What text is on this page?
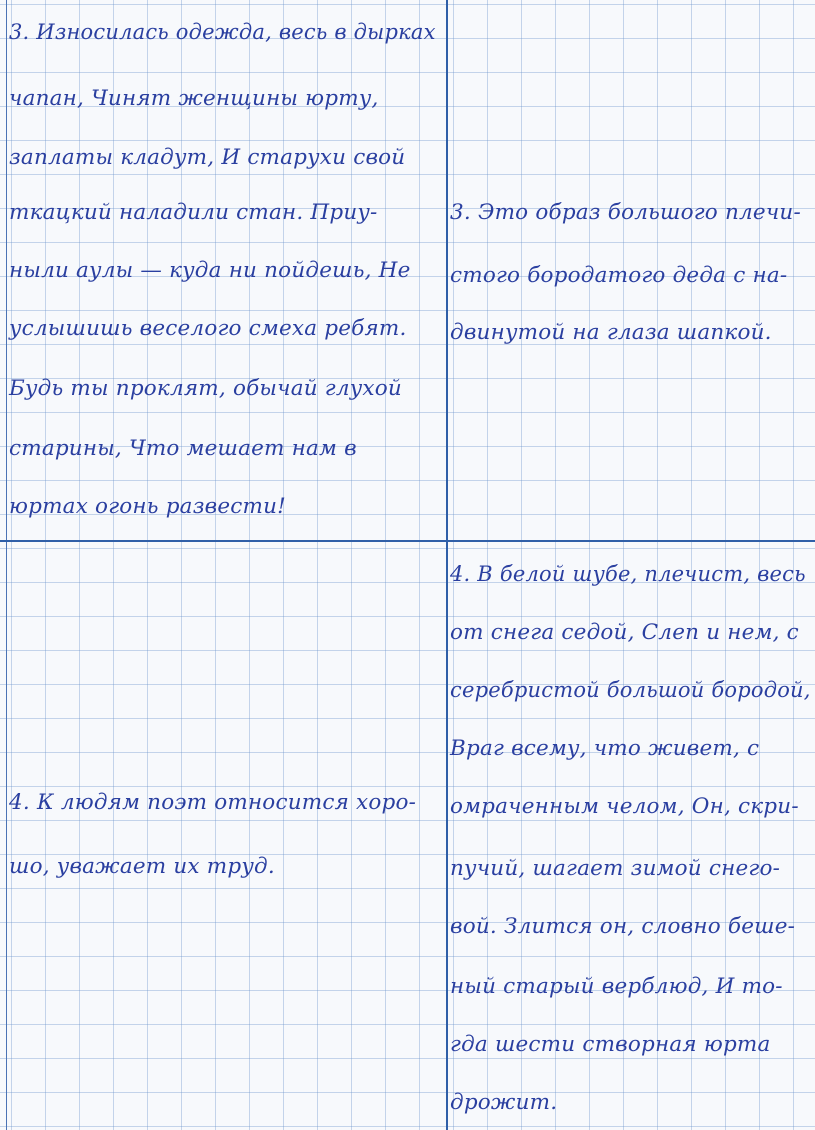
3. Износилась одежда, весь в дырках
чапан, Чинят женщины юрту,
заплаты кладут, И старухи свой
ткацкий наладили стан. Приу-
ныли аулы — куда ни пойдешь, Не
услышишь веселого смеха ребят.
Будь ты проклят, обычай глухой
старины, Что мешает нам в
юртах огонь развести!
3. Это образ большого плечи-
стого бородатого деда с на-
двинутой на глаза шапкой.
4. К людям поэт относится хоро-
шо, уважает их труд.
4. В белой шубе, плечист, весь
от снега седой, Слеп и нем, с
серебристой большой бородой,
Враг всему, что живет, с
омраченным челом, Он, скри-
пучий, шагает зимой снего-
вой. Злится он, словно беше-
ный старый верблюд, И то-
гда шести створная юрта
дрожит.
